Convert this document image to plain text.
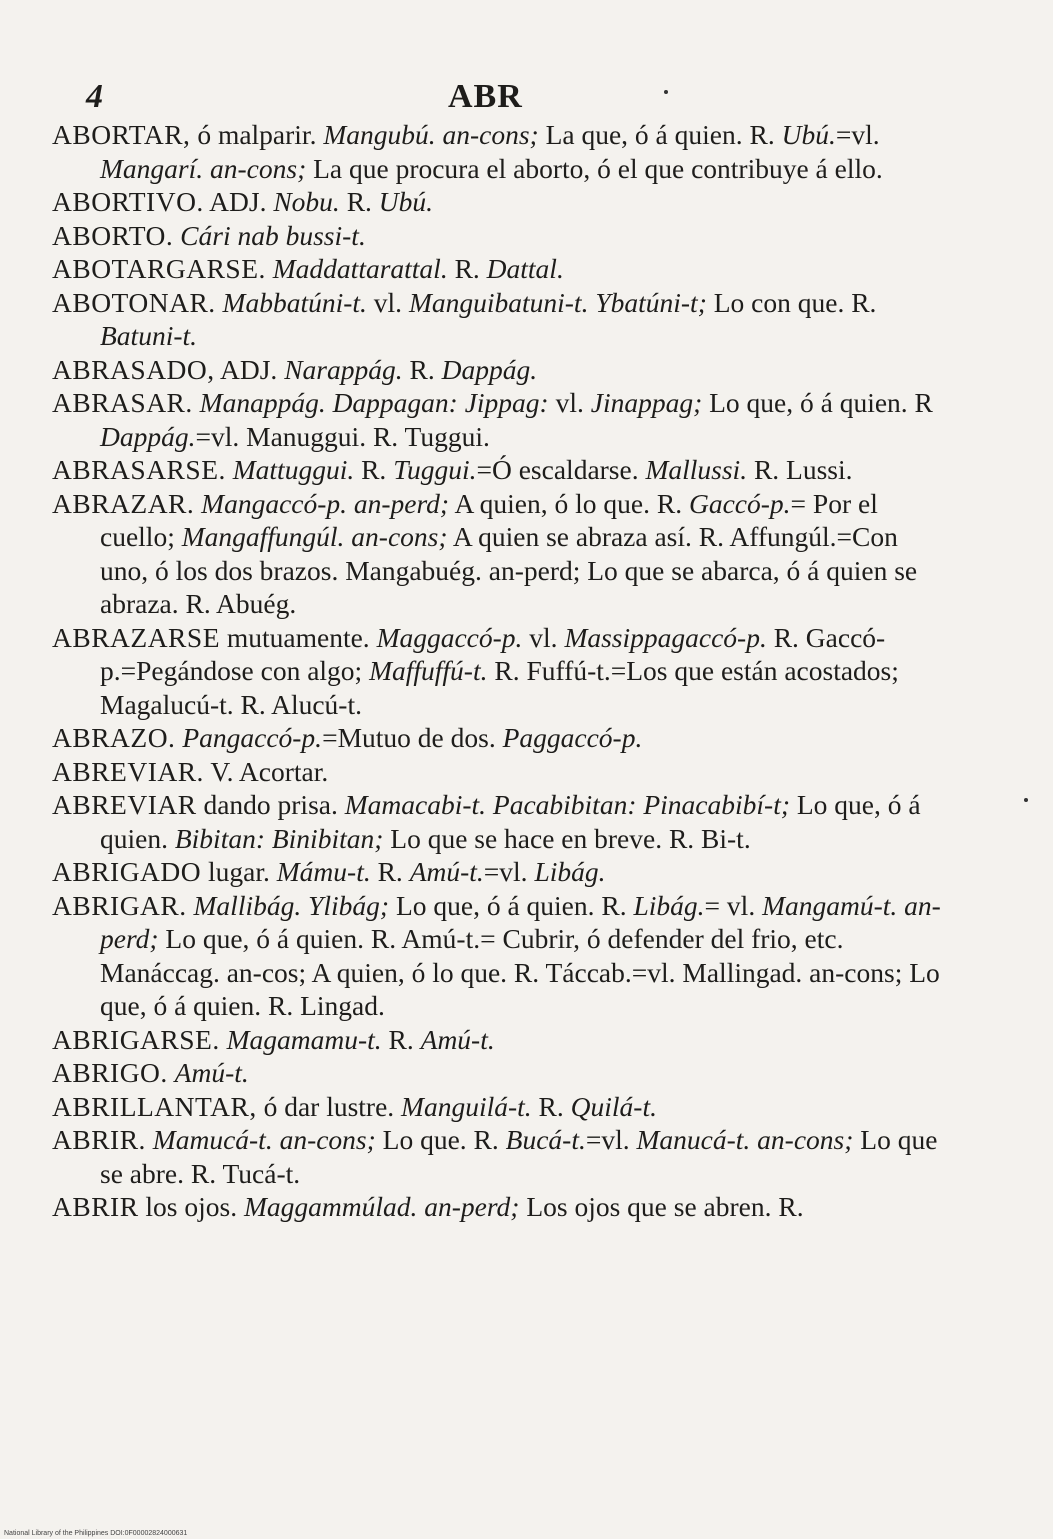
4	ABR

ABORTAR, ó malparir. Mangubú. an-cons; La que, ó á quien. R. Ubú.=vl. Mangarí. an-cons; La que procura el aborto, ó el que contribuye á ello.

ABORTIVO. ADJ. Nobu. R. Ubú.

ABORTO. Cári nab bussi-t.

ABOTARGARSE. Maddattarattal. R. Dattal.

ABOTONAR. Mabbatúni-t. vl. Manguibatuni-t. Ybatúni-t; Lo con que. R. Batuni-t.

ABRASADO, ADJ. Narappág. R. Dappág.

ABRASAR. Manappág. Dappagan: Jippag: vl. Jinappag; Lo que, ó á quien. R Dappág.=vl. Manuggui. R. Tuggui.

ABRASARSE. Mattuggui. R. Tuggui.=Ó escaldarse. Mallussi. R. Lussi.

ABRAZAR. Mangaccó-p. an-perd; A quien, ó lo que. R. Gaccó-p.= Por el cuello; Mangaffungúl. an-cons; A quien se abraza así. R. Affungúl.=Con uno, ó los dos brazos. Mangabuég. an-perd; Lo que se abarca, ó á quien se abraza. R. Abuég.

ABRAZARSE mutuamente. Maggaccó-p. vl. Massippagaccó-p. R. Gaccó-p.=Pegándose con algo; Maffuffú-t. R. Fuffú-t.=Los que están acostados; Magalucú-t. R. Alucú-t.

ABRAZO. Pangaccó-p.=Mutuo de dos. Paggaccó-p.

ABREVIAR. V. Acortar.

ABREVIAR dando prisa. Mamacabi-t. Pacabibitan: Pinacabibí-t; Lo que, ó á quien. Bibitan: Binibitan; Lo que se hace en breve. R. Bi-t.

ABRIGADO lugar. Mámu-t. R. Amú-t.=vl. Libág.

ABRIGAR. Mallibág. Ylibág; Lo que, ó á quien. R. Libág.= vl. Mangamú-t. an-perd; Lo que, ó á quien. R. Amú-t.= Cubrir, ó defender del frio, etc. Manáccag. an-cos; A quien, ó lo que. R. Táccab.=vl. Mallingad. an-cons; Lo que, ó á quien. R. Lingad.

ABRIGARSE. Magamamu-t. R. Amú-t.

ABRIGO. Amú-t.

ABRILLANTAR, ó dar lustre. Manguilá-t. R. Quilá-t.

ABRIR. Mamucá-t. an-cons; Lo que. R. Bucá-t.=vl. Manucá-t. an-cons; Lo que se abre. R. Tucá-t.

ABRIR los ojos. Maggammúlad. an-perd; Los ojos que se abren. R.

National Library of the Philippines DOI:0F00002824000631
